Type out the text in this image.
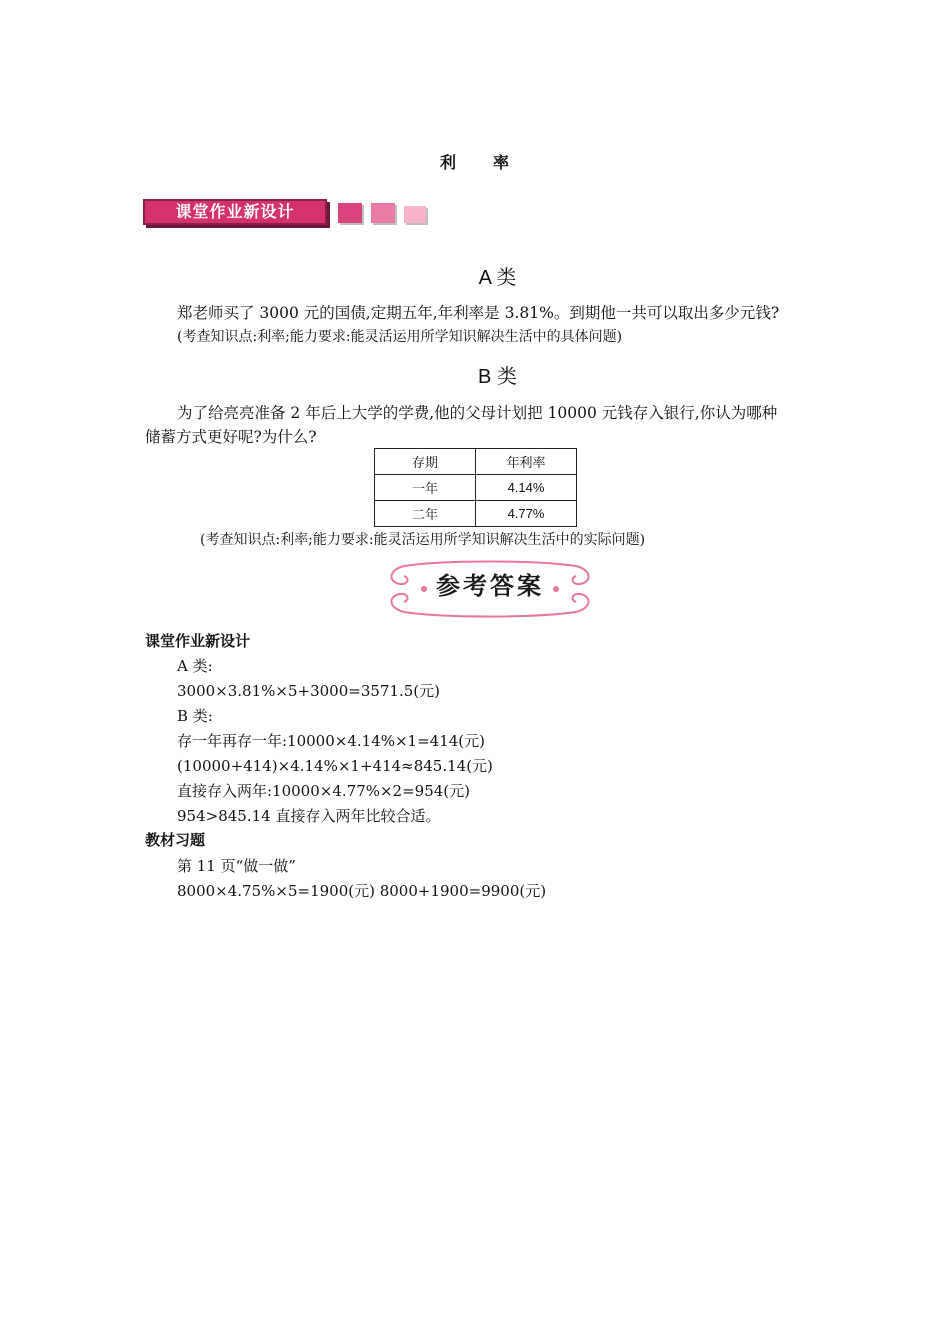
利 率
课堂作业新设计
A 类
郑老师买了 3000 元的国债,定期五年,年利率是 3.81%。到期他一共可以取出多少元钱?
(考查知识点:利率;能力要求:能灵活运用所学知识解决生活中的具体问题)
B 类
为了给亮亮准备 2 年后上大学的学费,他的父母计划把 10000 元钱存入银行,你认为哪种
储蓄方式更好呢?为什么?
存期	年利率
一年	4.14%
二年	4.77%
(考查知识点:利率;能力要求:能灵活运用所学知识解决生活中的实际问题)
参考答案
课堂作业新设计
A 类:
3000×3.81%×5+3000=3571.5(元)
B 类:
存一年再存一年:10000×4.14%×1=414(元)
(10000+414)×4.14%×1+414≈845.14(元)
直接存入两年:10000×4.77%×2=954(元)
954>845.14 直接存入两年比较合适。
教材习题
第 11 页“做一做”
8000×4.75%×5=1900(元) 8000+1900=9900(元)
